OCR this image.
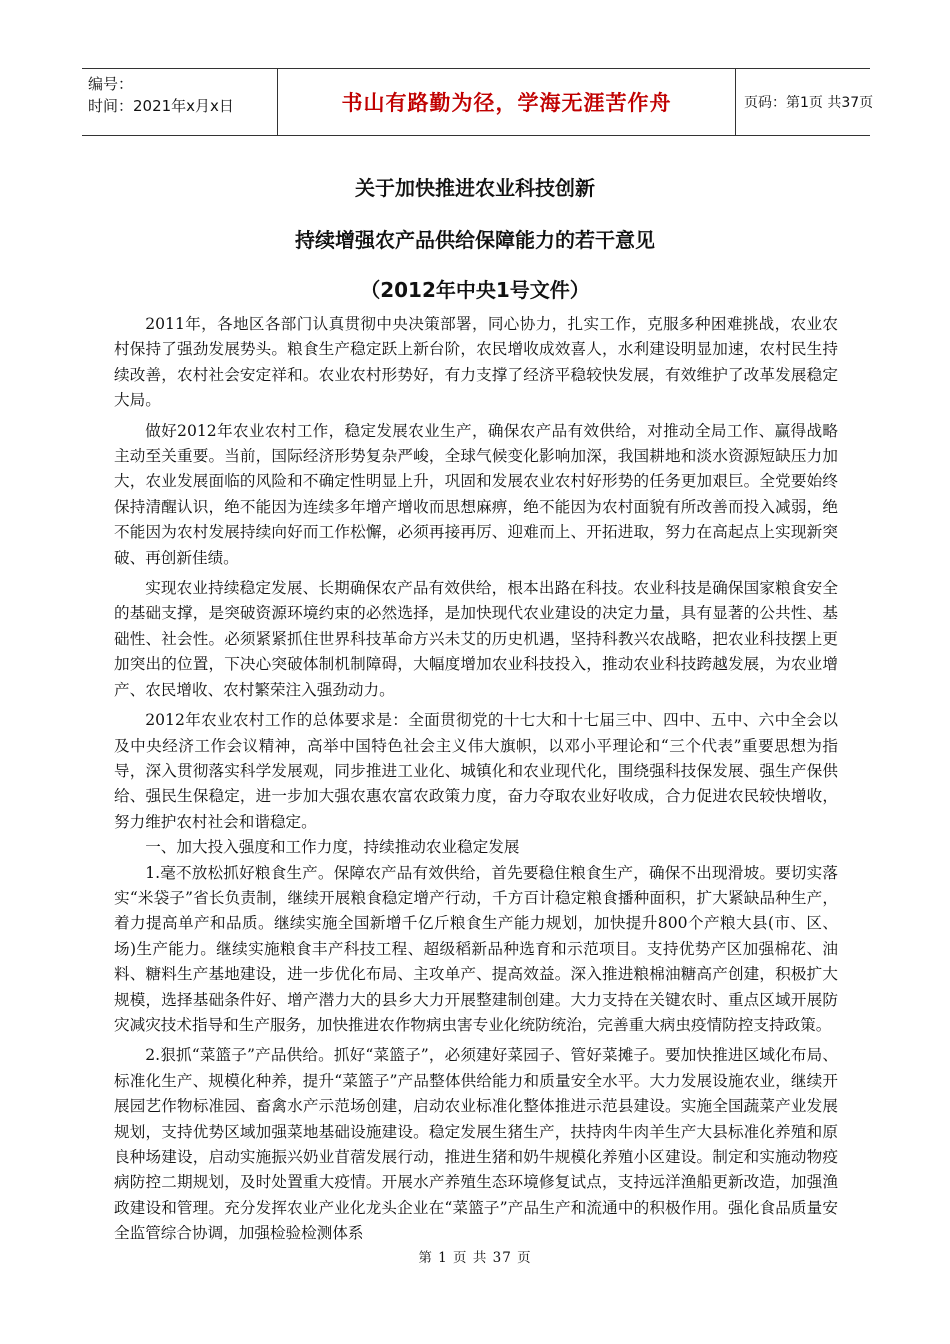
编号：
时间：2021年x月x日	书山有路勤为径，学海无涯苦作舟	页码：第1页 共37页
关于加快推进农业科技创新
持续增强农产品供给保障能力的若干意见
（2012年中央1号文件）

2011年，各地区各部门认真贯彻中央决策部署，同心协力，扎实工作，克服多种困难挑战，农业农村保持了强劲发展势头。粮食生产稳定跃上新台阶，农民增收成效喜人，水利建设明显加速，农村民生持续改善，农村社会安定祥和。农业农村形势好，有力支撑了经济平稳较快发展，有效维护了改革发展稳定大局。

做好2012年农业农村工作，稳定发展农业生产，确保农产品有效供给，对推动全局工作、赢得战略主动至关重要。当前，国际经济形势复杂严峻，全球气候变化影响加深，我国耕地和淡水资源短缺压力加大，农业发展面临的风险和不确定性明显上升，巩固和发展农业农村好形势的任务更加艰巨。全党要始终保持清醒认识，绝不能因为连续多年增产增收而思想麻痹，绝不能因为农村面貌有所改善而投入减弱，绝不能因为农村发展持续向好而工作松懈，必须再接再厉、迎难而上、开拓进取，努力在高起点上实现新突破、再创新佳绩。

实现农业持续稳定发展、长期确保农产品有效供给，根本出路在科技。农业科技是确保国家粮食安全的基础支撑，是突破资源环境约束的必然选择，是加快现代农业建设的决定力量，具有显著的公共性、基础性、社会性。必须紧紧抓住世界科技革命方兴未艾的历史机遇，坚持科教兴农战略，把农业科技摆上更加突出的位置，下决心突破体制机制障碍，大幅度增加农业科技投入，推动农业科技跨越发展，为农业增产、农民增收、农村繁荣注入强劲动力。

2012年农业农村工作的总体要求是：全面贯彻党的十七大和十七届三中、四中、五中、六中全会以及中央经济工作会议精神，高举中国特色社会主义伟大旗帜，以邓小平理论和“三个代表”重要思想为指导，深入贯彻落实科学发展观，同步推进工业化、城镇化和农业现代化，围绕强科技保发展、强生产保供给、强民生保稳定，进一步加大强农惠农富农政策力度，奋力夺取农业好收成，合力促进农民较快增收，努力维护农村社会和谐稳定。

一、加大投入强度和工作力度，持续推动农业稳定发展

1.毫不放松抓好粮食生产。保障农产品有效供给，首先要稳住粮食生产，确保不出现滑坡。要切实落实“米袋子”省长负责制，继续开展粮食稳定增产行动，千方百计稳定粮食播种面积，扩大紧缺品种生产，着力提高单产和品质。继续实施全国新增千亿斤粮食生产能力规划，加快提升800个产粮大县(市、区、场)生产能力。继续实施粮食丰产科技工程、超级稻新品种选育和示范项目。支持优势产区加强棉花、油料、糖料生产基地建设，进一步优化布局、主攻单产、提高效益。深入推进粮棉油糖高产创建，积极扩大规模，选择基础条件好、增产潜力大的县乡大力开展整建制创建。大力支持在关键农时、重点区域开展防灾减灾技术指导和生产服务，加快推进农作物病虫害专业化统防统治，完善重大病虫疫情防控支持政策。

2.狠抓“菜篮子”产品供给。抓好“菜篮子”，必须建好菜园子、管好菜摊子。要加快推进区域化布局、标准化生产、规模化种养，提升“菜篮子”产品整体供给能力和质量安全水平。大力发展设施农业，继续开展园艺作物标准园、畜禽水产示范场创建，启动农业标准化整体推进示范县建设。实施全国蔬菜产业发展规划，支持优势区域加强菜地基础设施建设。稳定发展生猪生产，扶持肉牛肉羊生产大县标准化养殖和原良种场建设，启动实施振兴奶业苜蓿发展行动，推进生猪和奶牛规模化养殖小区建设。制定和实施动物疫病防控二期规划，及时处置重大疫情。开展水产养殖生态环境修复试点，支持远洋渔船更新改造，加强渔政建设和管理。充分发挥农业产业化龙头企业在“菜篮子”产品生产和流通中的积极作用。强化食品质量安全监管综合协调，加强检验检测体系

第 1 页 共 37 页
